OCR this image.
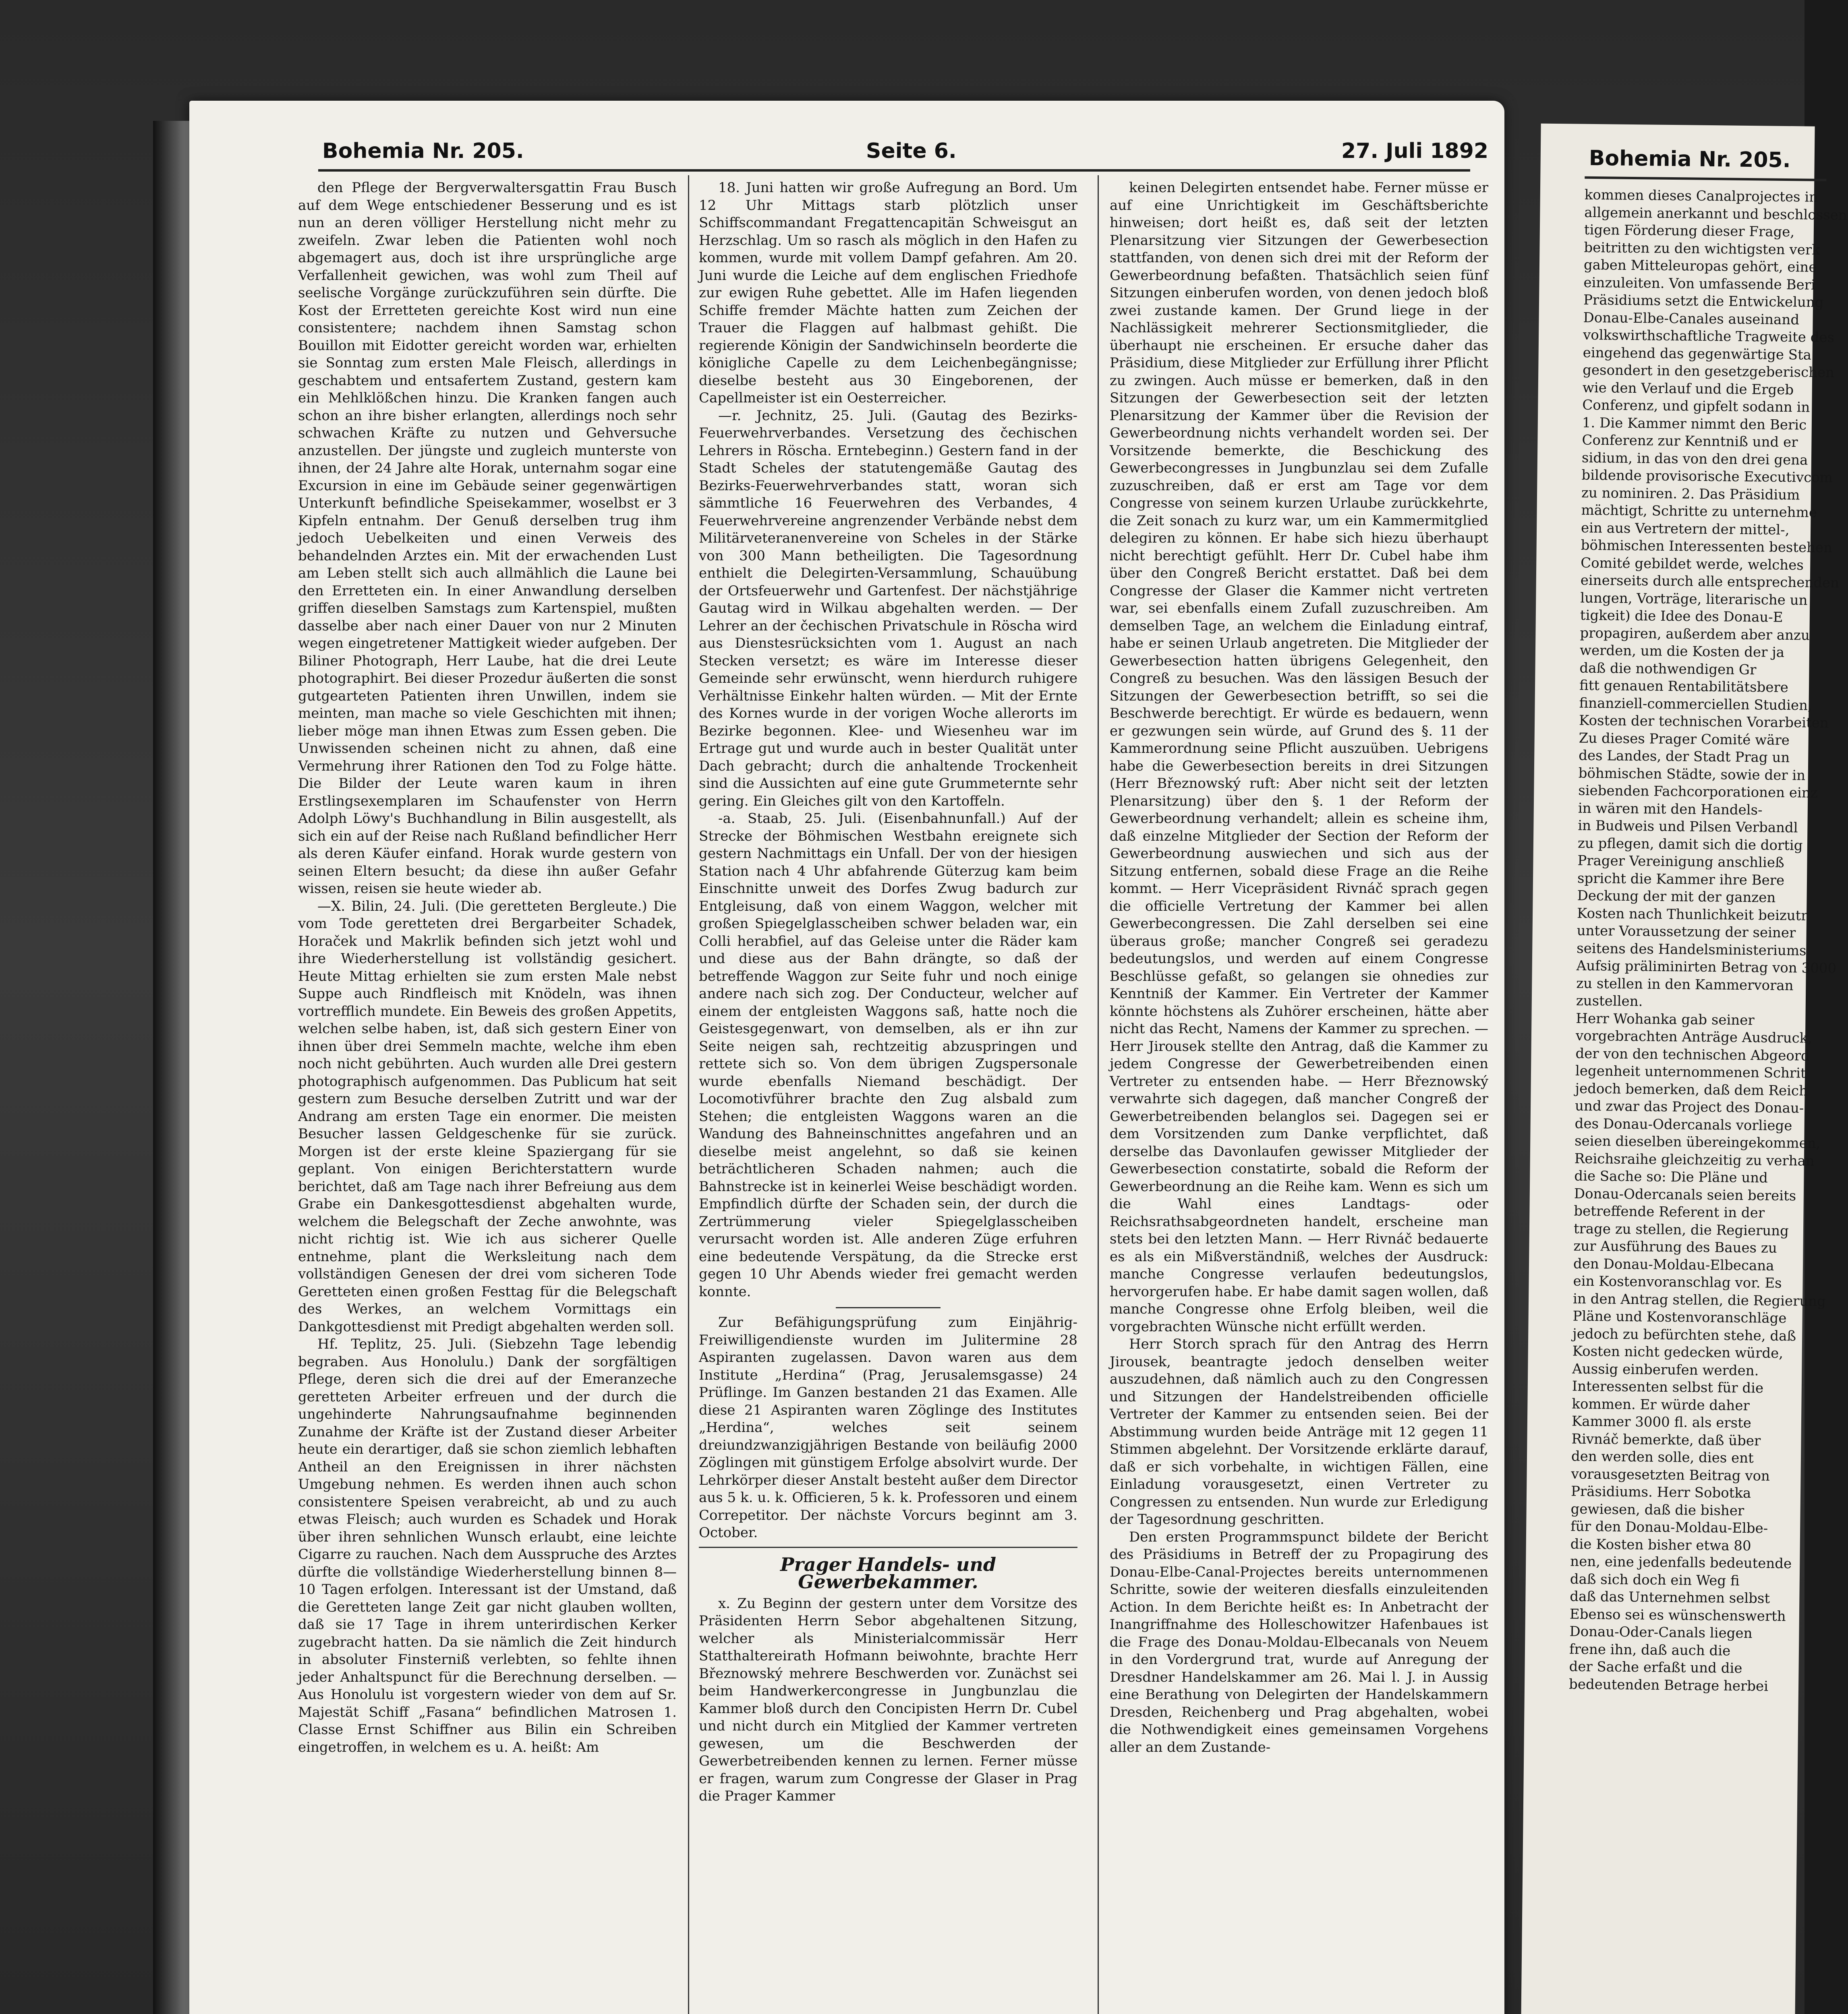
Bohemia Nr. 205.	Seite 6.	27. Juli 1892

den Pflege der Bergverwaltersgattin Frau Busch auf dem Wege entschiedener Besserung und es ist nun an deren völliger Herstellung nicht mehr zu zweifeln. Zwar leben die Patienten wohl noch abgemagert aus, doch ist ihre ursprüngliche arge Verfallenheit gewichen, was wohl zum Theil auf seelische Vorgänge zurückzuführen sein dürfte. Die Kost der Erretteten gereichte Kost wird nun eine consistentere; nachdem ihnen Samstag schon Bouillon mit Eidotter gereicht worden war, erhielten sie Sonntag zum ersten Male Fleisch, allerdings in geschabtem und entsafertem Zustand, gestern kam ein Mehlklößchen hinzu. Die Kranken fangen auch schon an ihre bisher erlangten, allerdings noch sehr schwachen Kräfte zu nutzen und Gehversuche anzustellen. Der jüngste und zugleich munterste von ihnen, der 24 Jahre alte Horak, unternahm sogar eine Excursion in eine im Gebäude seiner gegenwärtigen Unterkunft befindliche Speisekammer, woselbst er 3 Kipfeln entnahm. Der Genuß derselben trug ihm jedoch Uebelkeiten und einen Verweis des behandelnden Arztes ein. Mit der erwachenden Lust am Leben stellt sich auch allmählich die Laune bei den Erretteten ein. In einer Anwandlung derselben griffen dieselben Samstags zum Kartenspiel, mußten dasselbe aber nach einer Dauer von nur 2 Minuten wegen eingetretener Mattigkeit wieder aufgeben. Der Biliner Photograph, Herr Laube, hat die drei Leute photographirt. Bei dieser Prozedur äußerten die sonst gutgearteten Patienten ihren Unwillen, indem sie meinten, man mache so viele Geschichten mit ihnen; lieber möge man ihnen Etwas zum Essen geben. Die Unwissenden scheinen nicht zu ahnen, daß eine Vermehrung ihrer Rationen den Tod zu Folge hätte. Die Bilder der Leute waren kaum in ihren Erstlingsexemplaren im Schaufenster von Herrn Adolph Löwy's Buchhandlung in Bilin ausgestellt, als sich ein auf der Reise nach Rußland befindlicher Herr als deren Käufer einfand. Horak wurde gestern von seinen Eltern besucht; da diese ihn außer Gefahr wissen, reisen sie heute wieder ab.

—X. Bilin, 24. Juli. (Die geretteten Bergleute.) Die vom Tode geretteten drei Bergarbeiter Schadek, Horaček und Makrlik befinden sich jetzt wohl und ihre Wiederherstellung ist vollständig gesichert. Heute Mittag erhielten sie zum ersten Male nebst Suppe auch Rindfleisch mit Knödeln, was ihnen vortrefflich mundete. Ein Beweis des großen Appetits, welchen selbe haben, ist, daß sich gestern Einer von ihnen über drei Semmeln machte, welche ihm eben noch nicht gebührten. Auch wurden alle Drei gestern photographisch aufgenommen. Das Publicum hat seit gestern zum Besuche derselben Zutritt und war der Andrang am ersten Tage ein enormer. Die meisten Besucher lassen Geldgeschenke für sie zurück. Morgen ist der erste kleine Spaziergang für sie geplant. Von einigen Berichterstattern wurde berichtet, daß am Tage nach ihrer Befreiung aus dem Grabe ein Dankesgottesdienst abgehalten wurde, welchem die Belegschaft der Zeche anwohnte, was nicht richtig ist. Wie ich aus sicherer Quelle entnehme, plant die Werksleitung nach dem vollständigen Genesen der drei vom sicheren Tode Geretteten einen großen Festtag für die Belegschaft des Werkes, an welchem Vormittags ein Dankgottesdienst mit Predigt abgehalten werden soll.

Hf. Teplitz, 25. Juli. (Siebzehn Tage lebendig begraben. Aus Honolulu.) Dank der sorgfältigen Pflege, deren sich die drei auf der Emeranzeche geretteten Arbeiter erfreuen und der durch die ungehinderte Nahrungsaufnahme beginnenden Zunahme der Kräfte ist der Zustand dieser Arbeiter heute ein derartiger, daß sie schon ziemlich lebhaften Antheil an den Ereignissen in ihrer nächsten Umgebung nehmen. Es werden ihnen auch schon consistentere Speisen verabreicht, ab und zu auch etwas Fleisch; auch wurden es Schadek und Horak über ihren sehnlichen Wunsch erlaubt, eine leichte Cigarre zu rauchen. Nach dem Ausspruche des Arztes dürfte die vollständige Wiederherstellung binnen 8—10 Tagen erfolgen. Interessant ist der Umstand, daß die Geretteten lange Zeit gar nicht glauben wollten, daß sie 17 Tage in ihrem unterirdischen Kerker zugebracht hatten. Da sie nämlich die Zeit hindurch in absoluter Finsterniß verlebten, so fehlte ihnen jeder Anhaltspunct für die Berechnung derselben. — Aus Honolulu ist vorgestern wieder von dem auf Sr. Majestät Schiff „Fasana“ befindlichen Matrosen 1. Classe Ernst Schiffner aus Bilin ein Schreiben eingetroffen, in welchem es u. A. heißt: Am

18. Juni hatten wir große Aufregung an Bord. Um 12 Uhr Mittags starb plötzlich unser Schiffscommandant Fregattencapitän Schweisgut an Herzschlag. Um so rasch als möglich in den Hafen zu kommen, wurde mit vollem Dampf gefahren. Am 20. Juni wurde die Leiche auf dem englischen Friedhofe zur ewigen Ruhe gebettet. Alle im Hafen liegenden Schiffe fremder Mächte hatten zum Zeichen der Trauer die Flaggen auf halbmast gehißt. Die regierende Königin der Sandwichinseln beorderte die königliche Capelle zu dem Leichenbegängnisse; dieselbe besteht aus 30 Eingeborenen, der Capellmeister ist ein Oesterreicher.

—r. Jechnitz, 25. Juli. (Gautag des Bezirks-Feuerwehrverbandes. Versetzung des čechischen Lehrers in Röscha. Erntebeginn.) Gestern fand in der Stadt Scheles der statutengemäße Gautag des Bezirks-Feuerwehrverbandes statt, woran sich sämmtliche 16 Feuerwehren des Verbandes, 4 Feuerwehrvereine angrenzender Verbände nebst dem Militärveteranenvereine von Scheles in der Stärke von 300 Mann betheiligten. Die Tagesordnung enthielt die Delegirten-Versammlung, Schauübung der Ortsfeuerwehr und Gartenfest. Der nächstjährige Gautag wird in Wilkau abgehalten werden. — Der Lehrer an der čechischen Privatschule in Röscha wird aus Dienstesrücksichten vom 1. August an nach Stecken versetzt; es wäre im Interesse dieser Gemeinde sehr erwünscht, wenn hierdurch ruhigere Verhältnisse Einkehr halten würden. — Mit der Ernte des Kornes wurde in der vorigen Woche allerorts im Bezirke begonnen. Klee- und Wiesenheu war im Ertrage gut und wurde auch in bester Qualität unter Dach gebracht; durch die anhaltende Trockenheit sind die Aussichten auf eine gute Grummeternte sehr gering. Ein Gleiches gilt von den Kartoffeln.

-a. Staab, 25. Juli. (Eisenbahnunfall.) Auf der Strecke der Böhmischen Westbahn ereignete sich gestern Nachmittags ein Unfall. Der von der hiesigen Station nach 4 Uhr abfahrende Güterzug kam beim Einschnitte unweit des Dorfes Zwug badurch zur Entgleisung, daß von einem Waggon, welcher mit großen Spiegelglasscheiben schwer beladen war, ein Colli herabfiel, auf das Geleise unter die Räder kam und diese aus der Bahn drängte, so daß der betreffende Waggon zur Seite fuhr und noch einige andere nach sich zog. Der Conducteur, welcher auf einem der entgleisten Waggons saß, hatte noch die Geistesgegenwart, von demselben, als er ihn zur Seite neigen sah, rechtzeitig abzuspringen und rettete sich so. Von dem übrigen Zugspersonale wurde ebenfalls Niemand beschädigt. Der Locomotivführer brachte den Zug alsbald zum Stehen; die entgleisten Waggons waren an die Wandung des Bahneinschnittes angefahren und an dieselbe meist angelehnt, so daß sie keinen beträchtlicheren Schaden nahmen; auch die Bahnstrecke ist in keinerlei Weise beschädigt worden. Empfindlich dürfte der Schaden sein, der durch die Zertrümmerung vieler Spiegelglasscheiben verursacht worden ist. Alle anderen Züge erfuhren eine bedeutende Verspätung, da die Strecke erst gegen 10 Uhr Abends wieder frei gemacht werden konnte.

Zur Befähigungsprüfung zum Einjährig-Freiwilligendienste wurden im Julitermine 28 Aspiranten zugelassen. Davon waren aus dem Institute „Herdina“ (Prag, Jerusalemsgasse) 24 Prüflinge. Im Ganzen bestanden 21 das Examen. Alle diese 21 Aspiranten waren Zöglinge des Institutes „Herdina“, welches seit seinem dreiundzwanzigjährigen Bestande von beiläufig 2000 Zöglingen mit günstigem Erfolge absolvirt wurde. Der Lehrkörper dieser Anstalt besteht außer dem Director aus 5 k. u. k. Officieren, 5 k. k. Professoren und einem Correpetitor. Der nächste Vorcurs beginnt am 3. October.

Prager Handels- und Gewerbekammer.

x. Zu Beginn der gestern unter dem Vorsitze des Präsidenten Herrn Sebor abgehaltenen Sitzung, welcher als Ministerialcommissär Herr Statthaltereirath Hofmann beiwohnte, brachte Herr Březnowský mehrere Beschwerden vor. Zunächst sei beim Handwerkercongresse in Jungbunzlau die Kammer bloß durch den Concipisten Herrn Dr. Cubel und nicht durch ein Mitglied der Kammer vertreten gewesen, um die Beschwerden der Gewerbetreibenden kennen zu lernen. Ferner müsse er fragen, warum zum Congresse der Glaser in Prag die Prager Kammer

keinen Delegirten entsendet habe. Ferner müsse er auf eine Unrichtigkeit im Geschäftsberichte hinweisen; dort heißt es, daß seit der letzten Plenarsitzung vier Sitzungen der Gewerbesection stattfanden, von denen sich drei mit der Reform der Gewerbeordnung befaßten. Thatsächlich seien fünf Sitzungen einberufen worden, von denen jedoch bloß zwei zustande kamen. Der Grund liege in der Nachlässigkeit mehrerer Sectionsmitglieder, die überhaupt nie erscheinen. Er ersuche daher das Präsidium, diese Mitglieder zur Erfüllung ihrer Pflicht zu zwingen. Auch müsse er bemerken, daß in den Sitzungen der Gewerbesection seit der letzten Plenarsitzung der Kammer über die Revision der Gewerbeordnung nichts verhandelt worden sei. Der Vorsitzende bemerkte, die Beschickung des Gewerbecongresses in Jungbunzlau sei dem Zufalle zuzuschreiben, daß er erst am Tage vor dem Congresse von seinem kurzen Urlaube zurückkehrte, die Zeit sonach zu kurz war, um ein Kammermitglied delegiren zu können. Er habe sich hiezu überhaupt nicht berechtigt gefühlt. Herr Dr. Cubel habe ihm über den Congreß Bericht erstattet. Daß bei dem Congresse der Glaser die Kammer nicht vertreten war, sei ebenfalls einem Zufall zuzuschreiben. Am demselben Tage, an welchem die Einladung eintraf, habe er seinen Urlaub angetreten. Die Mitglieder der Gewerbesection hatten übrigens Gelegenheit, den Congreß zu besuchen. Was den lässigen Besuch der Sitzungen der Gewerbesection betrifft, so sei die Beschwerde berechtigt. Er würde es bedauern, wenn er gezwungen sein würde, auf Grund des §. 11 der Kammerordnung seine Pflicht auszuüben. Uebrigens habe die Gewerbesection bereits in drei Sitzungen (Herr Březnowský ruft: Aber nicht seit der letzten Plenarsitzung) über den §. 1 der Reform der Gewerbeordnung verhandelt; allein es scheine ihm, daß einzelne Mitglieder der Section der Reform der Gewerbeordnung auswiechen und sich aus der Sitzung entfernen, sobald diese Frage an die Reihe kommt. — Herr Vicepräsident Rivnáč sprach gegen die officielle Vertretung der Kammer bei allen Gewerbecongressen. Die Zahl derselben sei eine überaus große; mancher Congreß sei geradezu bedeutungslos, und werden auf einem Congresse Beschlüsse gefaßt, so gelangen sie ohnedies zur Kenntniß der Kammer. Ein Vertreter der Kammer könnte höchstens als Zuhörer erscheinen, hätte aber nicht das Recht, Namens der Kammer zu sprechen. — Herr Jirousek stellte den Antrag, daß die Kammer zu jedem Congresse der Gewerbetreibenden einen Vertreter zu entsenden habe. — Herr Březnowský verwahrte sich dagegen, daß mancher Congreß der Gewerbetreibenden belanglos sei. Dagegen sei er dem Vorsitzenden zum Danke verpflichtet, daß derselbe das Davonlaufen gewisser Mitglieder der Gewerbesection constatirte, sobald die Reform der Gewerbeordnung an die Reihe kam. Wenn es sich um die Wahl eines Landtags- oder Reichsrathsabgeordneten handelt, erscheine man stets bei den letzten Mann. — Herr Rivnáč bedauerte es als ein Mißverständniß, welches der Ausdruck: manche Congresse verlaufen bedeutungslos, hervorgerufen habe. Er habe damit sagen wollen, daß manche Congresse ohne Erfolg bleiben, weil die vorgebrachten Wünsche nicht erfüllt werden.

Herr Storch sprach für den Antrag des Herrn Jirousek, beantragte jedoch denselben weiter auszudehnen, daß nämlich auch zu den Congressen und Sitzungen der Handelstreibenden officielle Vertreter der Kammer zu entsenden seien. Bei der Abstimmung wurden beide Anträge mit 12 gegen 11 Stimmen abgelehnt. Der Vorsitzende erklärte darauf, daß er sich vorbehalte, in wichtigen Fällen, eine Einladung vorausgesetzt, einen Vertreter zu Congressen zu entsenden. Nun wurde zur Erledigung der Tagesordnung geschritten.

Den ersten Programmspunct bildete der Bericht des Präsidiums in Betreff der zu Propagirung des Donau-Elbe-Canal-Projectes bereits unternommenen Schritte, sowie der weiteren diesfalls einzuleitenden Action. In dem Berichte heißt es: In Anbetracht der Inangriffnahme des Holleschowitzer Hafenbaues ist die Frage des Donau-Moldau-Elbecanals von Neuem in den Vordergrund trat, wurde auf Anregung der Dresdner Handelskammer am 26. Mai l. J. in Aussig eine Berathung von Delegirten der Handelskammern Dresden, Reichenberg und Prag abgehalten, wobei die Nothwendigkeit eines gemeinsamen Vorgehens aller an dem Zustande-

Bohemia Nr. 205.

kommen dieses Canalprojectes in

allgemein anerkannt und beschlossen

tigen Förderung dieser Frage,

beitritten zu den wichtigsten verk

gaben Mitteleuropas gehört, eine

einzuleiten. Von umfassende Beri

Präsidiums setzt die Entwickelung

Donau-Elbe-Canales auseinand

volkswirthschaftliche Tragweite des

eingehend das gegenwärtige Sta

gesondert in den gesetzgeberischen

wie den Verlauf und die Ergeb

Conferenz, und gipfelt sodann in

1. Die Kammer nimmt den Beric

Conferenz zur Kenntniß und er

sidium, in das von den drei gena

bildende provisorische Executivcom

zu nominiren. 2. Das Präsidium

mächtigt, Schritte zu unternehme

ein aus Vertretern der mittel-,

böhmischen Interessenten bestehen

Comité gebildet werde, welches

einerseits durch alle entsprechenden

lungen, Vorträge, literarische un

tigkeit) die Idee des Donau-E

propagiren, außerdem aber anzu

werden, um die Kosten der ja

daß die nothwendigen Gr

fitt genauen Rentabilitätsbere

finanziell-commerciellen Studien,

Kosten der technischen Vorarbeiten

Zu dieses Prager Comité wäre

des Landes, der Stadt Prag un

böhmischen Städte, sowie der in

siebenden Fachcorporationen einz

in wären mit den Handels-

in Budweis und Pilsen Verbandl

zu pflegen, damit sich die dortig

Prager Vereinigung anschließ

spricht die Kammer ihre Bere

Deckung der mit der ganzen

Kosten nach Thunlichkeit beizutr

unter Voraussetzung der seiner

seitens des Handelsministeriums

Aufsig präliminirten Betrag von 3000

zu stellen in den Kammervoran

zustellen.

Herr Wohanka gab seiner

vorgebrachten Anträge Ausdruck,

der von den technischen Abgeord

legenheit unternommenen Schrit

jedoch bemerken, daß dem Reich

und zwar das Project des Donau-

des Donau-Odercanals vorliege

seien dieselben übereingekommen,

Reichsraihe gleichzeitig zu verhan

die Sache so: Die Pläne und

Donau-Odercanals seien bereits

betreffende Referent in der

trage zu stellen, die Regierung

zur Ausführung des Baues zu

den Donau-Moldau-Elbecana

ein Kostenvoranschlag vor. Es

in den Antrag stellen, die Regierung

Pläne und Kostenvoranschläge

jedoch zu befürchten stehe, daß

Kosten nicht gedecken würde,

Aussig einberufen werden.

Interessenten selbst für die

kommen. Er würde daher

Kammer 3000 fl. als erste

Rivnáč bemerkte, daß über

den werden solle, dies ent

vorausgesetzten Beitrag von

Präsidiums. Herr Sobotka

gewiesen, daß die bisher

für den Donau-Moldau-Elbe-

die Kosten bisher etwa 80

nen, eine jedenfalls bedeutende

daß sich doch ein Weg fi

daß das Unternehmen selbst

Ebenso sei es wünschenswerth

Donau-Oder-Canals liegen

frene ihn, daß auch die

der Sache erfaßt und die

bedeutenden Betrage herbei
